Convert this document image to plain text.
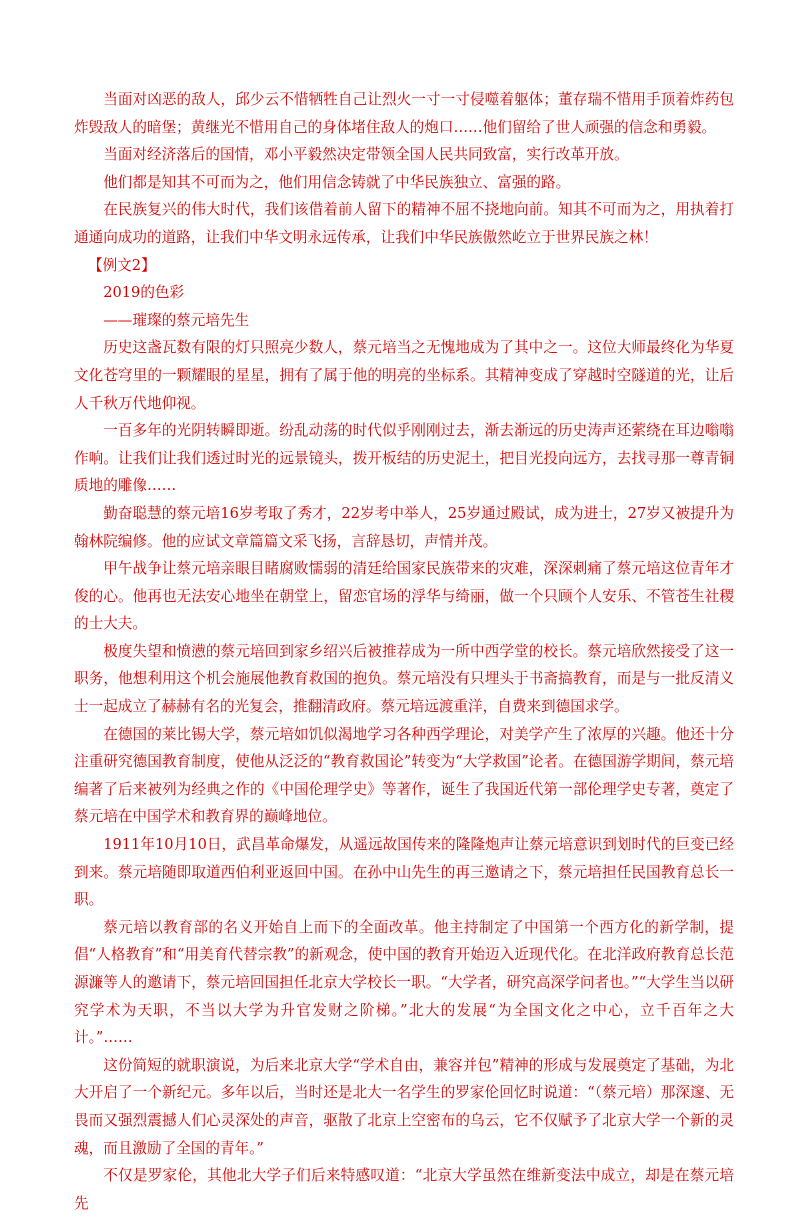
当面对凶恶的敌人，邱少云不惜牺牲自己让烈火一寸一寸侵噬着躯体；董存瑞不惜用手顶着炸药包炸毁敌人的暗堡；黄继光不惜用自己的身体堵住敌人的炮口……他们留给了世人顽强的信念和勇毅。

当面对经济落后的国情，邓小平毅然决定带领全国人民共同致富，实行改革开放。

他们都是知其不可而为之，他们用信念铸就了中华民族独立、富强的路。

在民族复兴的伟大时代，我们该借着前人留下的精神不屈不挠地向前。知其不可而为之，用执着打通通向成功的道路，让我们中华文明永远传承，让我们中华民族傲然屹立于世界民族之林！

【例文2】

2019的色彩

——璀璨的蔡元培先生

历史这盏瓦数有限的灯只照亮少数人，蔡元培当之无愧地成为了其中之一。这位大师最终化为华夏文化苍穹里的一颗耀眼的星星，拥有了属于他的明亮的坐标系。其精神变成了穿越时空隧道的光，让后人千秋万代地仰视。

一百多年的光阴转瞬即逝。纷乱动荡的时代似乎刚刚过去，渐去渐远的历史涛声还萦绕在耳边嗡嗡作响。让我们让我们透过时光的远景镜头，拨开板结的历史泥土，把目光投向远方，去找寻那一尊青铜质地的雕像……

勤奋聪慧的蔡元培16岁考取了秀才，22岁考中举人，25岁通过殿试，成为进士，27岁又被提升为翰林院编修。他的应试文章篇篇文采飞扬，言辞恳切，声情并茂。

甲午战争让蔡元培亲眼目睹腐败懦弱的清廷给国家民族带来的灾难，深深刺痛了蔡元培这位青年才俊的心。他再也无法安心地坐在朝堂上，留恋官场的浮华与绮丽，做一个只顾个人安乐、不管苍生社稷的士大夫。

极度失望和愤懑的蔡元培回到家乡绍兴后被推荐成为一所中西学堂的校长。蔡元培欣然接受了这一职务，他想利用这个机会施展他教育救国的抱负。蔡元培没有只埋头于书斋搞教育，而是与一批反清义士一起成立了赫赫有名的光复会，推翻清政府。蔡元培远渡重洋，自费来到德国求学。

在德国的莱比锡大学，蔡元培如饥似渴地学习各种西学理论，对美学产生了浓厚的兴趣。他还十分注重研究德国教育制度，使他从泛泛的“教育救国论”转变为“大学救国”论者。在德国游学期间，蔡元培编著了后来被列为经典之作的《中国伦理学史》等著作，诞生了我国近代第一部伦理学史专著，奠定了蔡元培在中国学术和教育界的巅峰地位。

1911年10月10日，武昌革命爆发，从遥远故国传来的隆隆炮声让蔡元培意识到划时代的巨变已经到来。蔡元培随即取道西伯利亚返回中国。在孙中山先生的再三邀请之下，蔡元培担任民国教育总长一职。

蔡元培以教育部的名义开始自上而下的全面改革。他主持制定了中国第一个西方化的新学制，提倡“人格教育”和“用美育代替宗教”的新观念，使中国的教育开始迈入近现代化。在北洋政府教育总长范源濂等人的邀请下，蔡元培回国担任北京大学校长一职。“大学者，研究高深学问者也。”“大学生当以研究学术为天职，不当以大学为升官发财之阶梯。”北大的发展“为全国文化之中心，立千百年之大计。”……

这份简短的就职演说，为后来北京大学“学术自由，兼容并包”精神的形成与发展奠定了基础，为北大开启了一个新纪元。多年以后，当时还是北大一名学生的罗家伦回忆时说道：“（蔡元培）那深邃、无畏而又强烈震撼人们心灵深处的声音，驱散了北京上空密布的乌云，它不仅赋予了北京大学一个新的灵魂，而且激励了全国的青年。”

不仅是罗家伦，其他北大学子们后来特感叹道：“北京大学虽然在维新变法中成立，却是在蔡元培先
